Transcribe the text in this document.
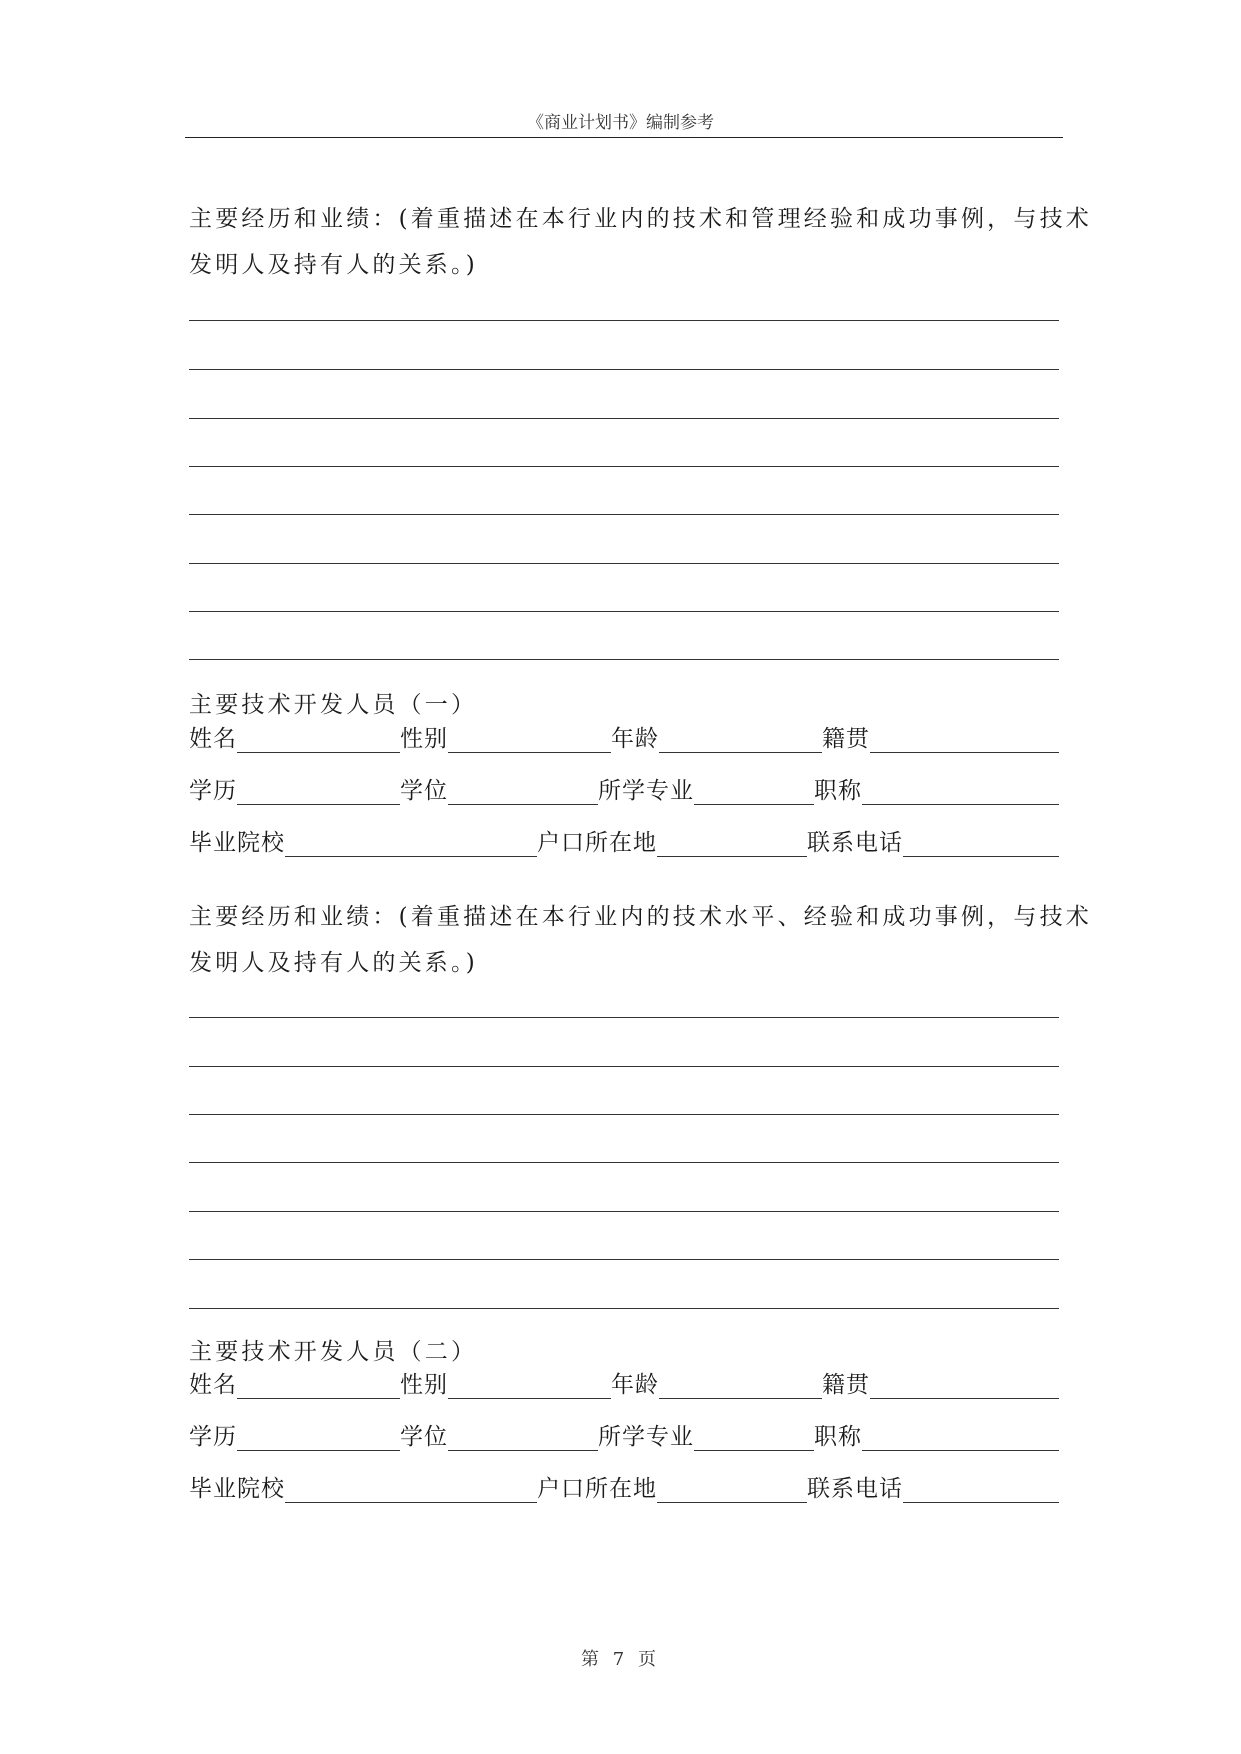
《商业计划书》编制参考
主要经历和业绩：(着重描述在本行业内的技术和管理经验和成功事例，与技术
发明人及持有人的关系。)
主要技术开发人员（一）
姓名	性别	年龄	籍贯
学历	学位	所学专业	职称
毕业院校	户口所在地	联系电话
主要经历和业绩：(着重描述在本行业内的技术水平、经验和成功事例，与技术
发明人及持有人的关系。)
主要技术开发人员（二）
姓名	性别	年龄	籍贯
学历	学位	所学专业	职称
毕业院校	户口所在地	联系电话
第 7 页
